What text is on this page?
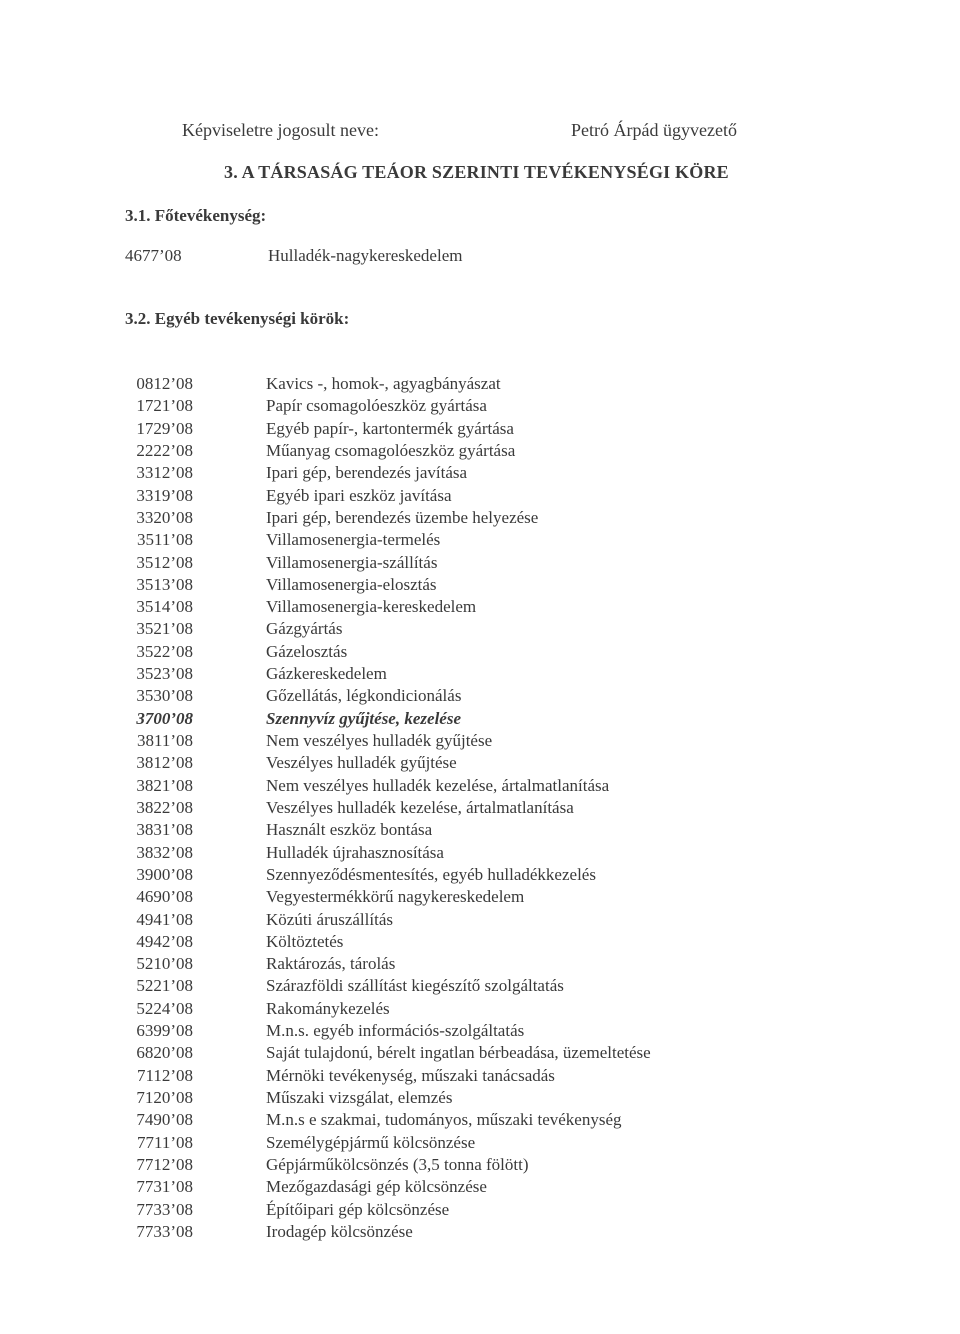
Képviseletre jogosult neve:	Petró Árpád ügyvezető
3. A TÁRSASÁG TEÁOR SZERINTI TEVÉKENYSÉGI KÖRE
3.1. Főtevékenység:
4677’08	Hulladék-nagykereskedelem
3.2. Egyéb tevékenységi körök:
0812’08	Kavics -, homok-, agyagbányászat
1721’08	Papír csomagolóeszköz gyártása
1729’08	Egyéb papír-, kartontermék gyártása
2222’08	Műanyag csomagolóeszköz gyártása
3312’08	Ipari gép, berendezés javítása
3319’08	Egyéb ipari eszköz javítása
3320’08	Ipari gép, berendezés üzembe helyezése
3511’08	Villamosenergia-termelés
3512’08	Villamosenergia-szállítás
3513’08	Villamosenergia-elosztás
3514’08	Villamosenergia-kereskedelem
3521’08	Gázgyártás
3522’08	Gázelosztás
3523’08	Gázkereskedelem
3530’08	Gőzellátás, légkondicionálás
3700’08	Szennyvíz gyűjtése, kezelése
3811’08	Nem veszélyes hulladék gyűjtése
3812’08	Veszélyes hulladék gyűjtése
3821’08	Nem veszélyes hulladék kezelése, ártalmatlanítása
3822’08	Veszélyes hulladék kezelése, ártalmatlanítása
3831’08	Használt eszköz bontása
3832’08	Hulladék újrahasznosítása
3900’08	Szennyeződésmentesítés, egyéb hulladékkezelés
4690’08	Vegyestermékkörű nagykereskedelem
4941’08	Közúti áruszállítás
4942’08	Költöztetés
5210’08	Raktározás, tárolás
5221’08	Szárazföldi szállítást kiegészítő szolgáltatás
5224’08	Rakománykezelés
6399’08	M.n.s. egyéb információs-szolgáltatás
6820’08	Saját tulajdonú, bérelt ingatlan bérbeadása, üzemeltetése
7112’08	Mérnöki tevékenység, műszaki tanácsadás
7120’08	Műszaki vizsgálat, elemzés
7490’08	M.n.s e szakmai, tudományos, műszaki tevékenység
7711’08	Személygépjármű kölcsönzése
7712’08	Gépjárműkölcsönzés (3,5 tonna fölött)
7731’08	Mezőgazdasági gép kölcsönzése
7733’08	Építőipari gép kölcsönzése
7733’08	Irodagép kölcsönzése
